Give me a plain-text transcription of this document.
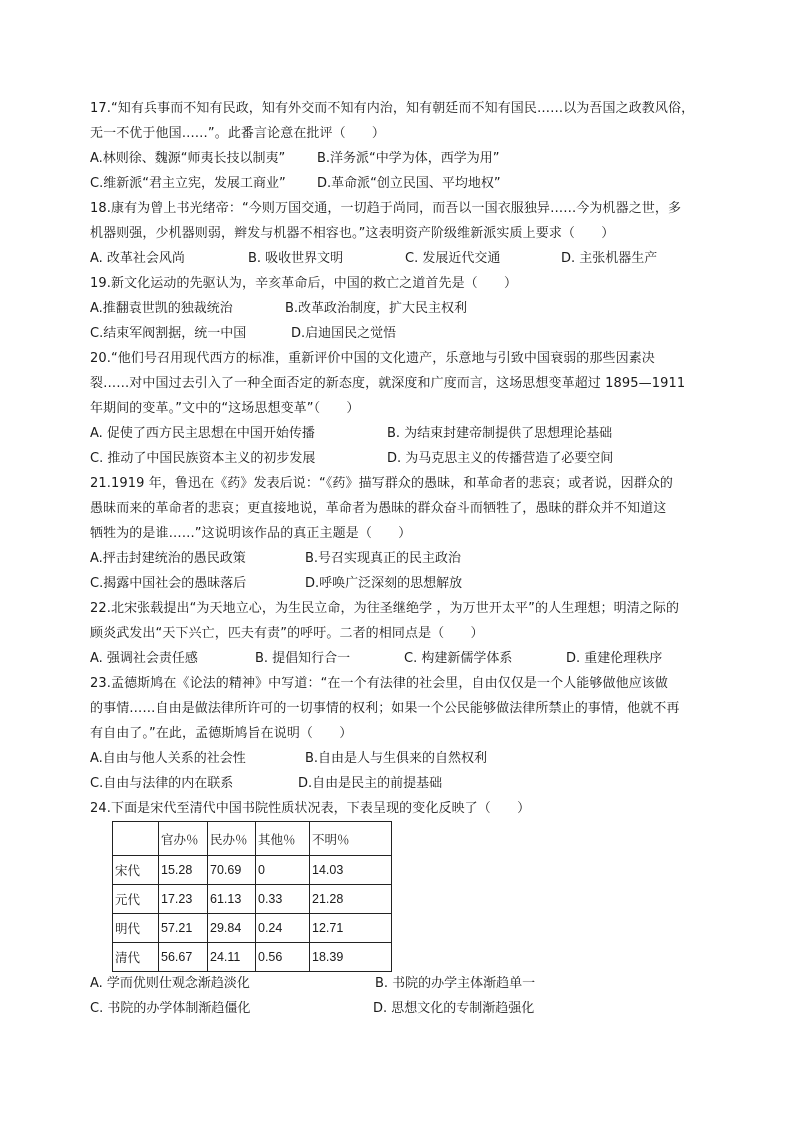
17.“知有兵事而不知有民政，知有外交而不知有内治，知有朝廷而不知有国民……以为吾国之政教风俗，
无一不优于他国……”。此番言论意在批评（　　）
A.林则徐、魏源“师夷长技以制夷” B.洋务派“中学为体，西学为用”
C.维新派“君主立宪，发展工商业” D.革命派“创立民国、平均地权”
18.康有为曾上书光绪帝：“今则万国交通，一切趋于尚同，而吾以一国衣服独异……今为机器之世，多
机器则强，少机器则弱，辫发与机器不相容也。”这表明资产阶级维新派实质上要求（　　）
A. 改革社会风尚	B. 吸收世界文明	C. 发展近代交通	D. 主张机器生产
19.新文化运动的先驱认为，辛亥革命后，中国的救亡之道首先是（　　）
A.推翻袁世凯的独裁统治	B.改革政治制度，扩大民主权利
C.结束军阀割据，统一中国	D.启迪国民之觉悟
20.“他们号召用现代西方的标准，重新评价中国的文化遗产，乐意地与引致中国衰弱的那些因素决
裂……对中国过去引入了一种全面否定的新态度，就深度和广度而言，这场思想变革超过 1895—1911
年期间的变革。”文中的“这场思想变革”（　　）
A. 促使了西方民主思想在中国开始传播	B. 为结束封建帝制提供了思想理论基础
C. 推动了中国民族资本主义的初步发展	D. 为马克思主义的传播营造了必要空间
21.1919 年，鲁迅在《药》发表后说：“《药》描写群众的愚昧，和革命者的悲哀；或者说，因群众的
愚昧而来的革命者的悲哀；更直接地说，革命者为愚昧的群众奋斗而牺牲了，愚昧的群众并不知道这
牺牲为的是谁……”这说明该作品的真正主题是（　　）
A.抨击封建统治的愚民政策	B.号召实现真正的民主政治
C.揭露中国社会的愚昧落后	D.呼唤广泛深刻的思想解放
22.北宋张载提出“为天地立心，为生民立命，为往圣继绝学 ，为万世开太平”的人生理想；明清之际的
顾炎武发出“天下兴亡，匹夫有责”的呼吁。二者的相同点是（　　）
A. 强调社会责任感	B. 提倡知行合一	C. 构建新儒学体系	D. 重建伦理秩序
23.孟德斯鸠在《论法的精神》中写道：“在一个有法律的社会里，自由仅仅是一个人能够做他应该做
的事情……自由是做法律所许可的一切事情的权利；如果一个公民能够做法律所禁止的事情，他就不再
有自由了。”在此，孟德斯鸠旨在说明（　　）
A.自由与他人关系的社会性	B.自由是人与生俱来的自然权利
C.自由与法律的内在联系	D.自由是民主的前提基础
24.下面是宋代至清代中国书院性质状况表，下表呈现的变化反映了（　　）
	官办％	民办％	其他％	不明％
宋代	15.28	70.69	0	14.03
元代	17.23	61.13	0.33	21.28
明代	57.21	29.84	0.24	12.71
清代	56.67	24.11	0.56	18.39
A. 学而优则仕观念渐趋淡化	B. 书院的办学主体渐趋单一
C. 书院的办学体制渐趋僵化	D. 思想文化的专制渐趋强化
